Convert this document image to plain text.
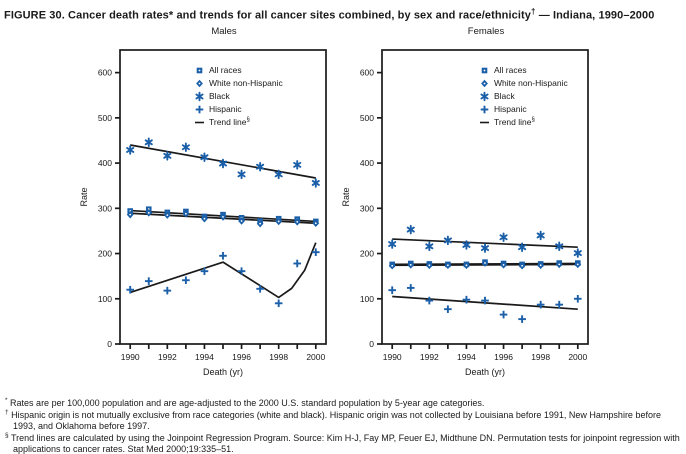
FIGURE 30. Cancer death rates* and trends for all cancer sites combined, by sex and race/ethnicity† — Indiana, 1990–2000
Males
0
100
200
300
400
500
600
Rate
1990 1992 1994 1996 1998 2000
Death (yr)
All races
White non-Hispanic
Black
Hispanic
Trend line§
Females
0
100
200
300
400
500
600
Rate
1990 1992 1994 1996 1998 2000
Death (yr)
All races
White non-Hispanic
Black
Hispanic
Trend line§
* Rates are per 100,000 population and are age-adjusted to the 2000 U.S. standard population by 5-year age categories.
† Hispanic origin is not mutually exclusive from race categories (white and black). Hispanic origin was not collected by Louisiana before 1991, New Hampshire before 1993, and Oklahoma before 1997.
§ Trend lines are calculated by using the Joinpoint Regression Program. Source: Kim H-J, Fay MP, Feuer EJ, Midthune DN. Permutation tests for joinpoint regression with applications to cancer rates. Stat Med 2000;19:335–51.
